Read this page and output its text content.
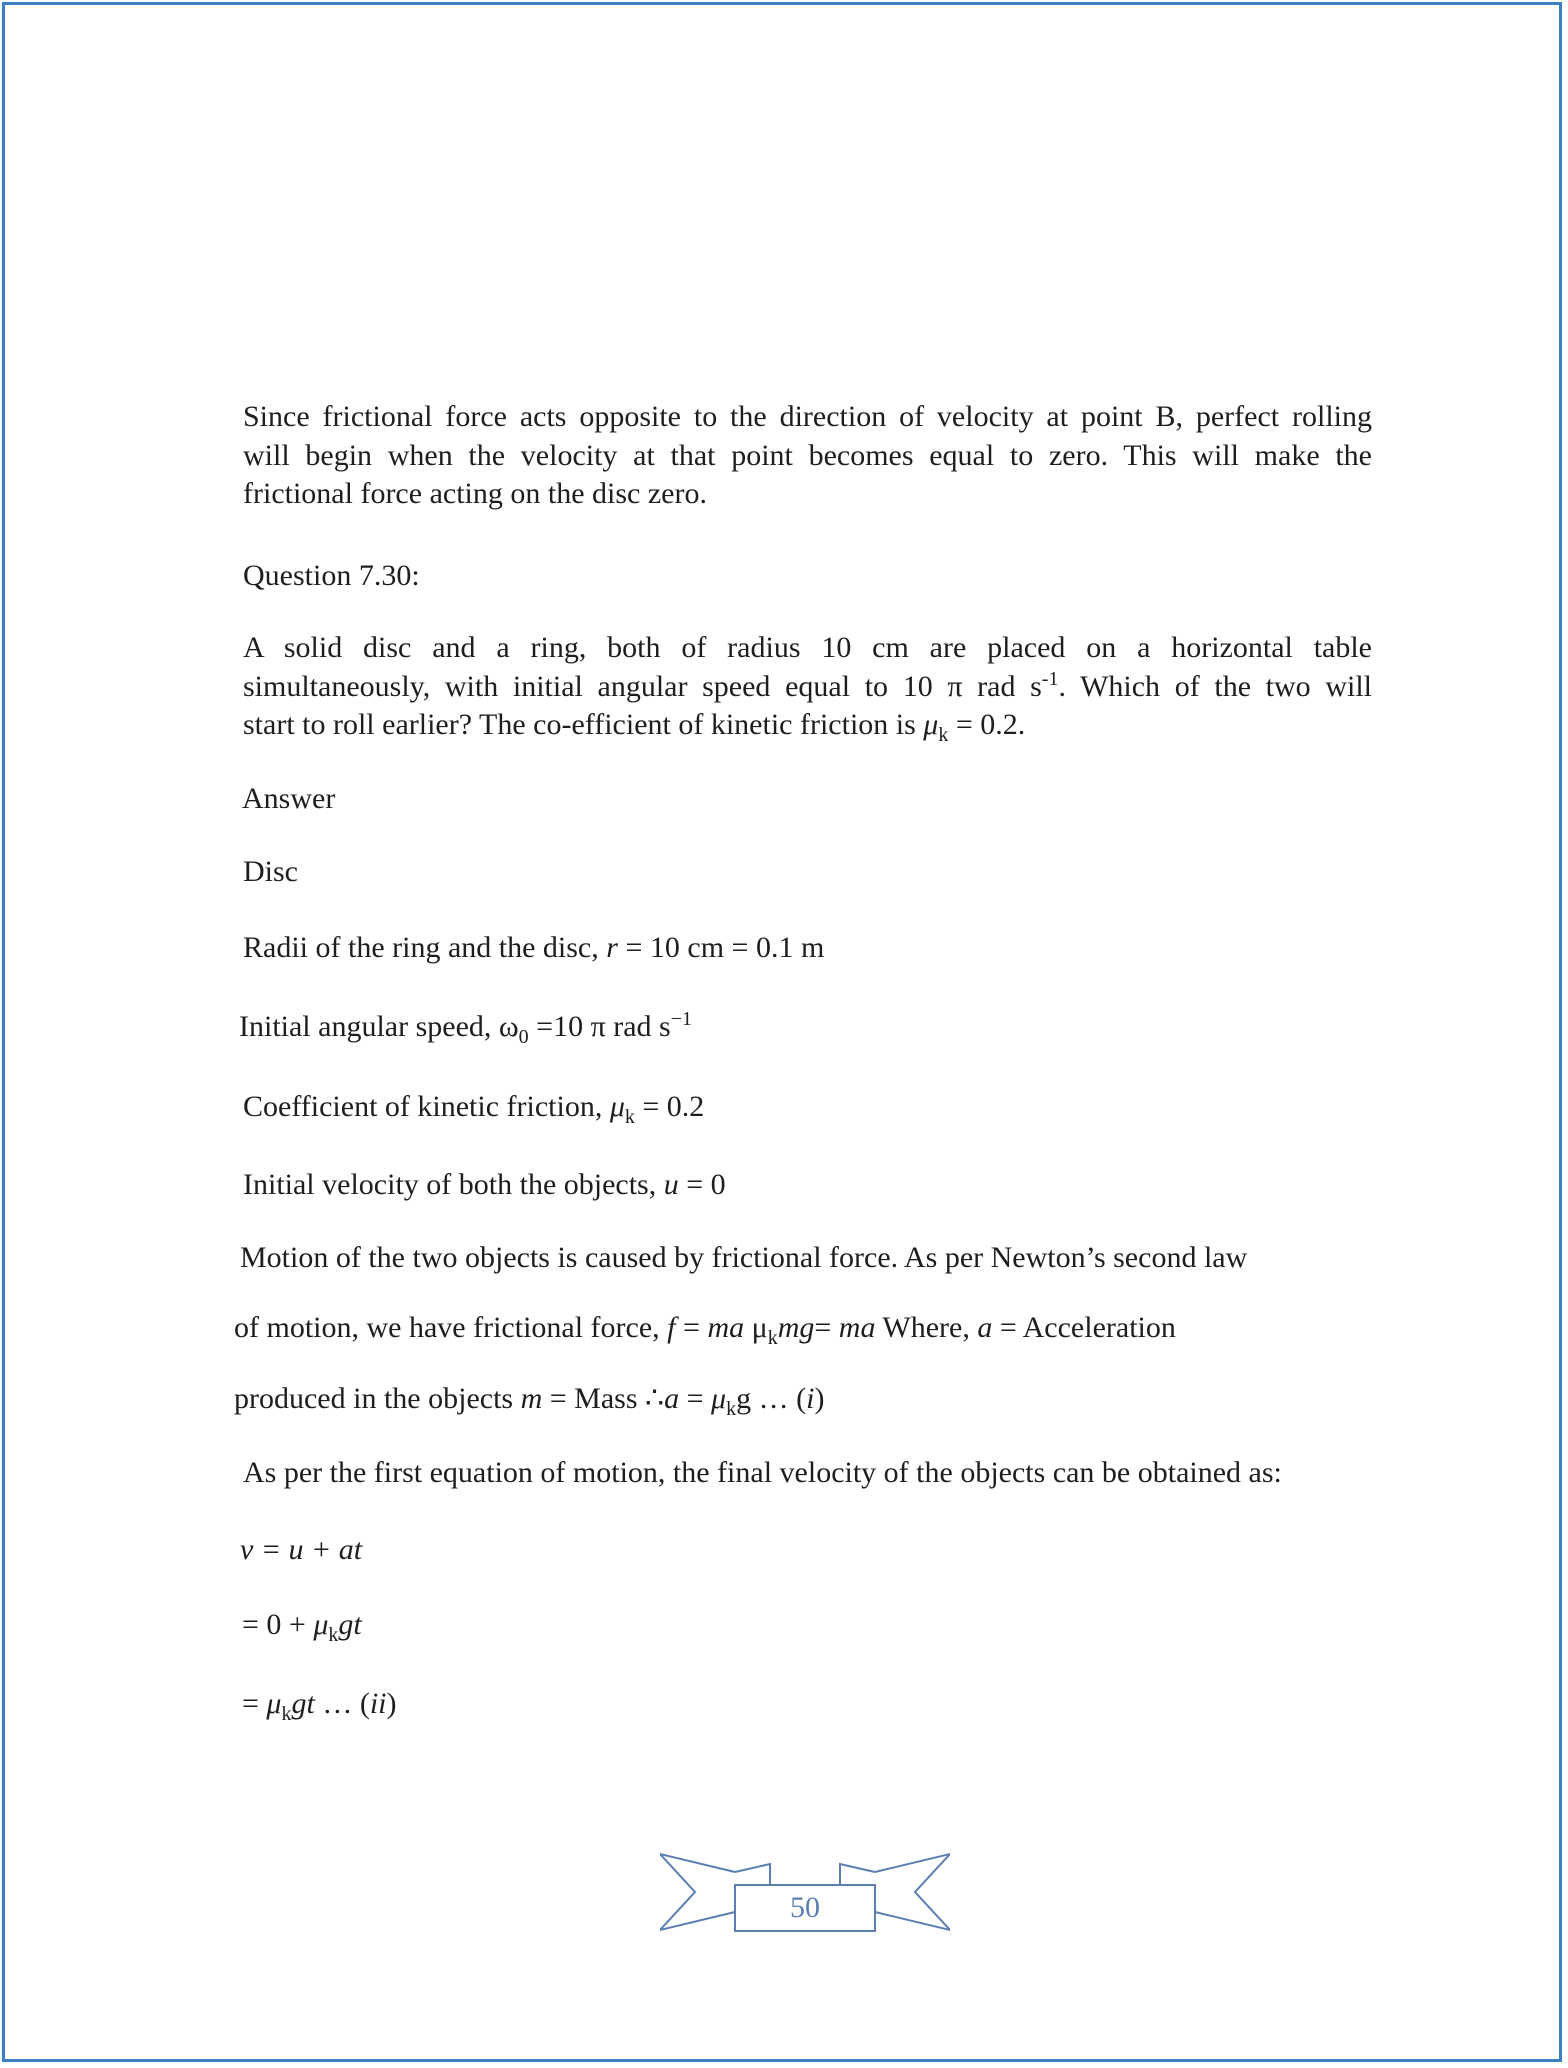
Since frictional force acts opposite to the direction of velocity at point B, perfect rolling
will begin when the velocity at that point becomes equal to zero. This will make the
frictional force acting on the disc zero.
Question 7.30:
A solid disc and a ring, both of radius 10 cm are placed on a horizontal table
simultaneously, with initial angular speed equal to 10 π rad $s^{-1}$. Which of the two will
start to roll earlier? The co-efficient of kinetic friction is $\mu_k = 0.2$.
Answer
Disc
Radii of the ring and the disc, r = 10 cm = 0.1 m
Initial angular speed, $\omega_0 =10$ π rad $s^{-1}$
Coefficient of kinetic friction, $\mu_k = 0.2$
Initial velocity of both the objects, u = 0
Motion of the two objects is caused by frictional force. As per Newton’s second law
of motion, we have frictional force, f = ma $\mu_kmg=$ ma Where, a = Acceleration
produced in the objects m = Mass ∴a = $\mu_kg$ … (i)
As per the first equation of motion, the final velocity of the objects can be obtained as:
v = u + at
= $0 + \mu_kgt$
= $\mu_kgt$ … (ii)
50
